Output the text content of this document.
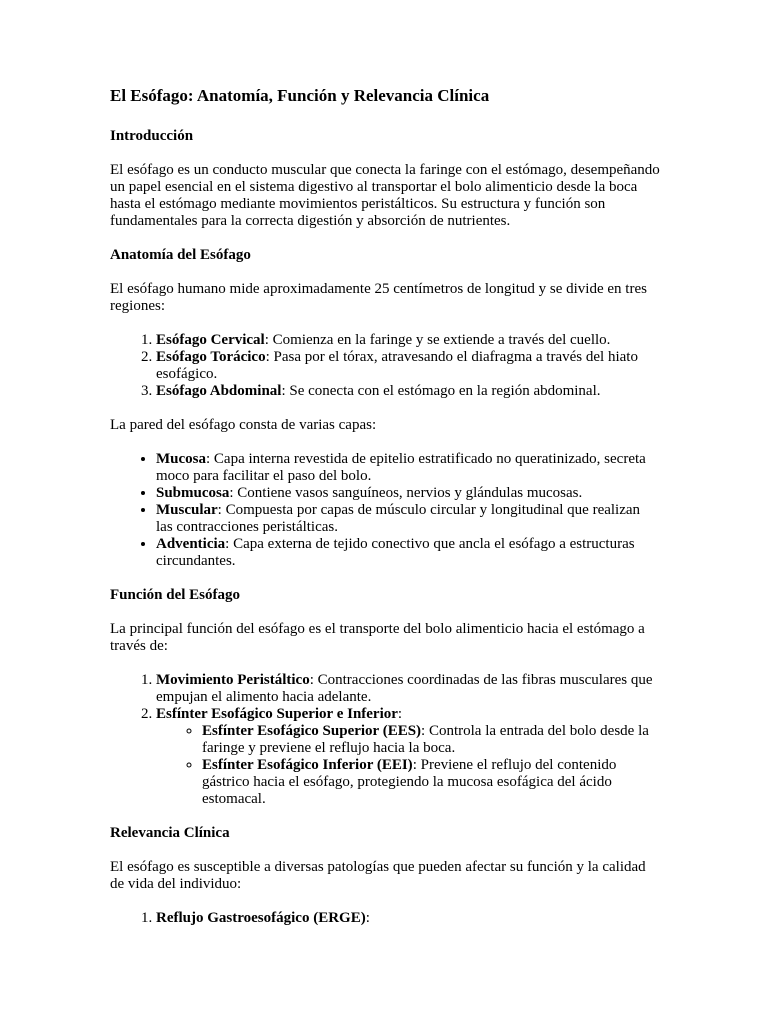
El Esófago: Anatomía, Función y Relevancia Clínica
Introducción

El esófago es un conducto muscular que conecta la faringe con el estómago, desempeñando un papel esencial en el sistema digestivo al transportar el bolo alimenticio desde la boca hasta el estómago mediante movimientos peristálticos. Su estructura y función son fundamentales para la correcta digestión y absorción de nutrientes.

Anatomía del Esófago

El esófago humano mide aproximadamente 25 centímetros de longitud y se divide en tres regiones:

1. Esófago Cervical: Comienza en la faringe y se extiende a través del cuello.
2. Esófago Torácico: Pasa por el tórax, atravesando el diafragma a través del hiato esofágico.
3. Esófago Abdominal: Se conecta con el estómago en la región abdominal.

La pared del esófago consta de varias capas:

• Mucosa: Capa interna revestida de epitelio estratificado no queratinizado, secreta moco para facilitar el paso del bolo.
• Submucosa: Contiene vasos sanguíneos, nervios y glándulas mucosas.
• Muscular: Compuesta por capas de músculo circular y longitudinal que realizan las contracciones peristálticas.
• Adventicia: Capa externa de tejido conectivo que ancla el esófago a estructuras circundantes.
Función del Esófago

La principal función del esófago es el transporte del bolo alimenticio hacia el estómago a través de:

1. Movimiento Peristáltico: Contracciones coordinadas de las fibras musculares que empujan el alimento hacia adelante.
2. Esfínter Esofágico Superior e Inferior:
◦ Esfínter Esofágico Superior (EES): Controla la entrada del bolo desde la faringe y previene el reflujo hacia la boca.
◦ Esfínter Esofágico Inferior (EEI): Previene el reflujo del contenido gástrico hacia el esófago, protegiendo la mucosa esofágica del ácido estomacal.
Relevancia Clínica

El esófago es susceptible a diversas patologías que pueden afectar su función y la calidad de vida del individuo:

1. Reflujo Gastroesofágico (ERGE):
